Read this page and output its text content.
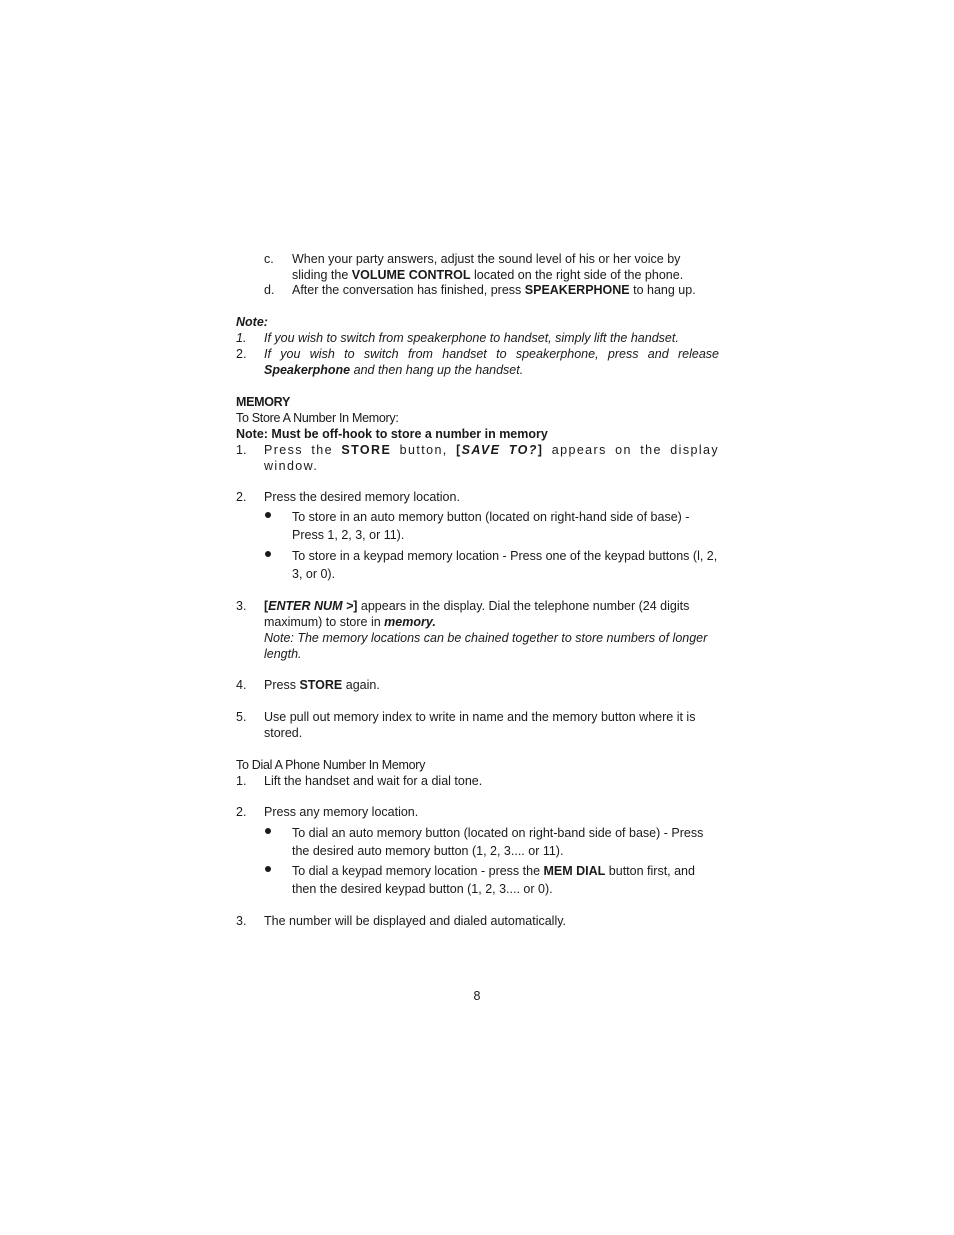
c.	When your party answers, adjust the sound level of his or her voice by sliding the VOLUME CONTROL located on the right side of the phone.
d.	After the conversation has finished, press SPEAKERPHONE to hang up.
Note:
1.	If you wish to switch from speakerphone to handset, simply lift the handset.
2.	If you wish to switch from handset to speakerphone, press and release Speakerphone and then hang up the handset.
MEMORY
To Store A Number In Memory:
Note: Must be off-hook to store a number in memory
1.	Press the STORE button, [SAVE TO?] appears on the display window.
2.	Press the desired memory location.
To store in an auto memory button (located on right-hand side of base) - Press 1, 2, 3, or 11).
To store in a keypad memory location - Press one of the keypad buttons (l, 2, 3, or 0).
3.	[ENTER NUM >] appears in the display. Dial the telephone number (24 digits maximum) to store in memory.
Note: The memory locations can be chained together to store numbers of longer length.
4.	Press STORE again.
5.	Use pull out memory index to write in name and the memory button where it is stored.
To Dial A Phone Number In Memory
1.	Lift the handset and wait for a dial tone.
2.	Press any memory location.
To dial an auto memory button (located on right-band side of base) - Press the desired auto memory button (1, 2, 3.... or 11).
To dial a keypad memory location - press the MEM DIAL button first, and then the desired keypad button (1, 2, 3.... or 0).
3.	The number will be displayed and dialed automatically.
8
